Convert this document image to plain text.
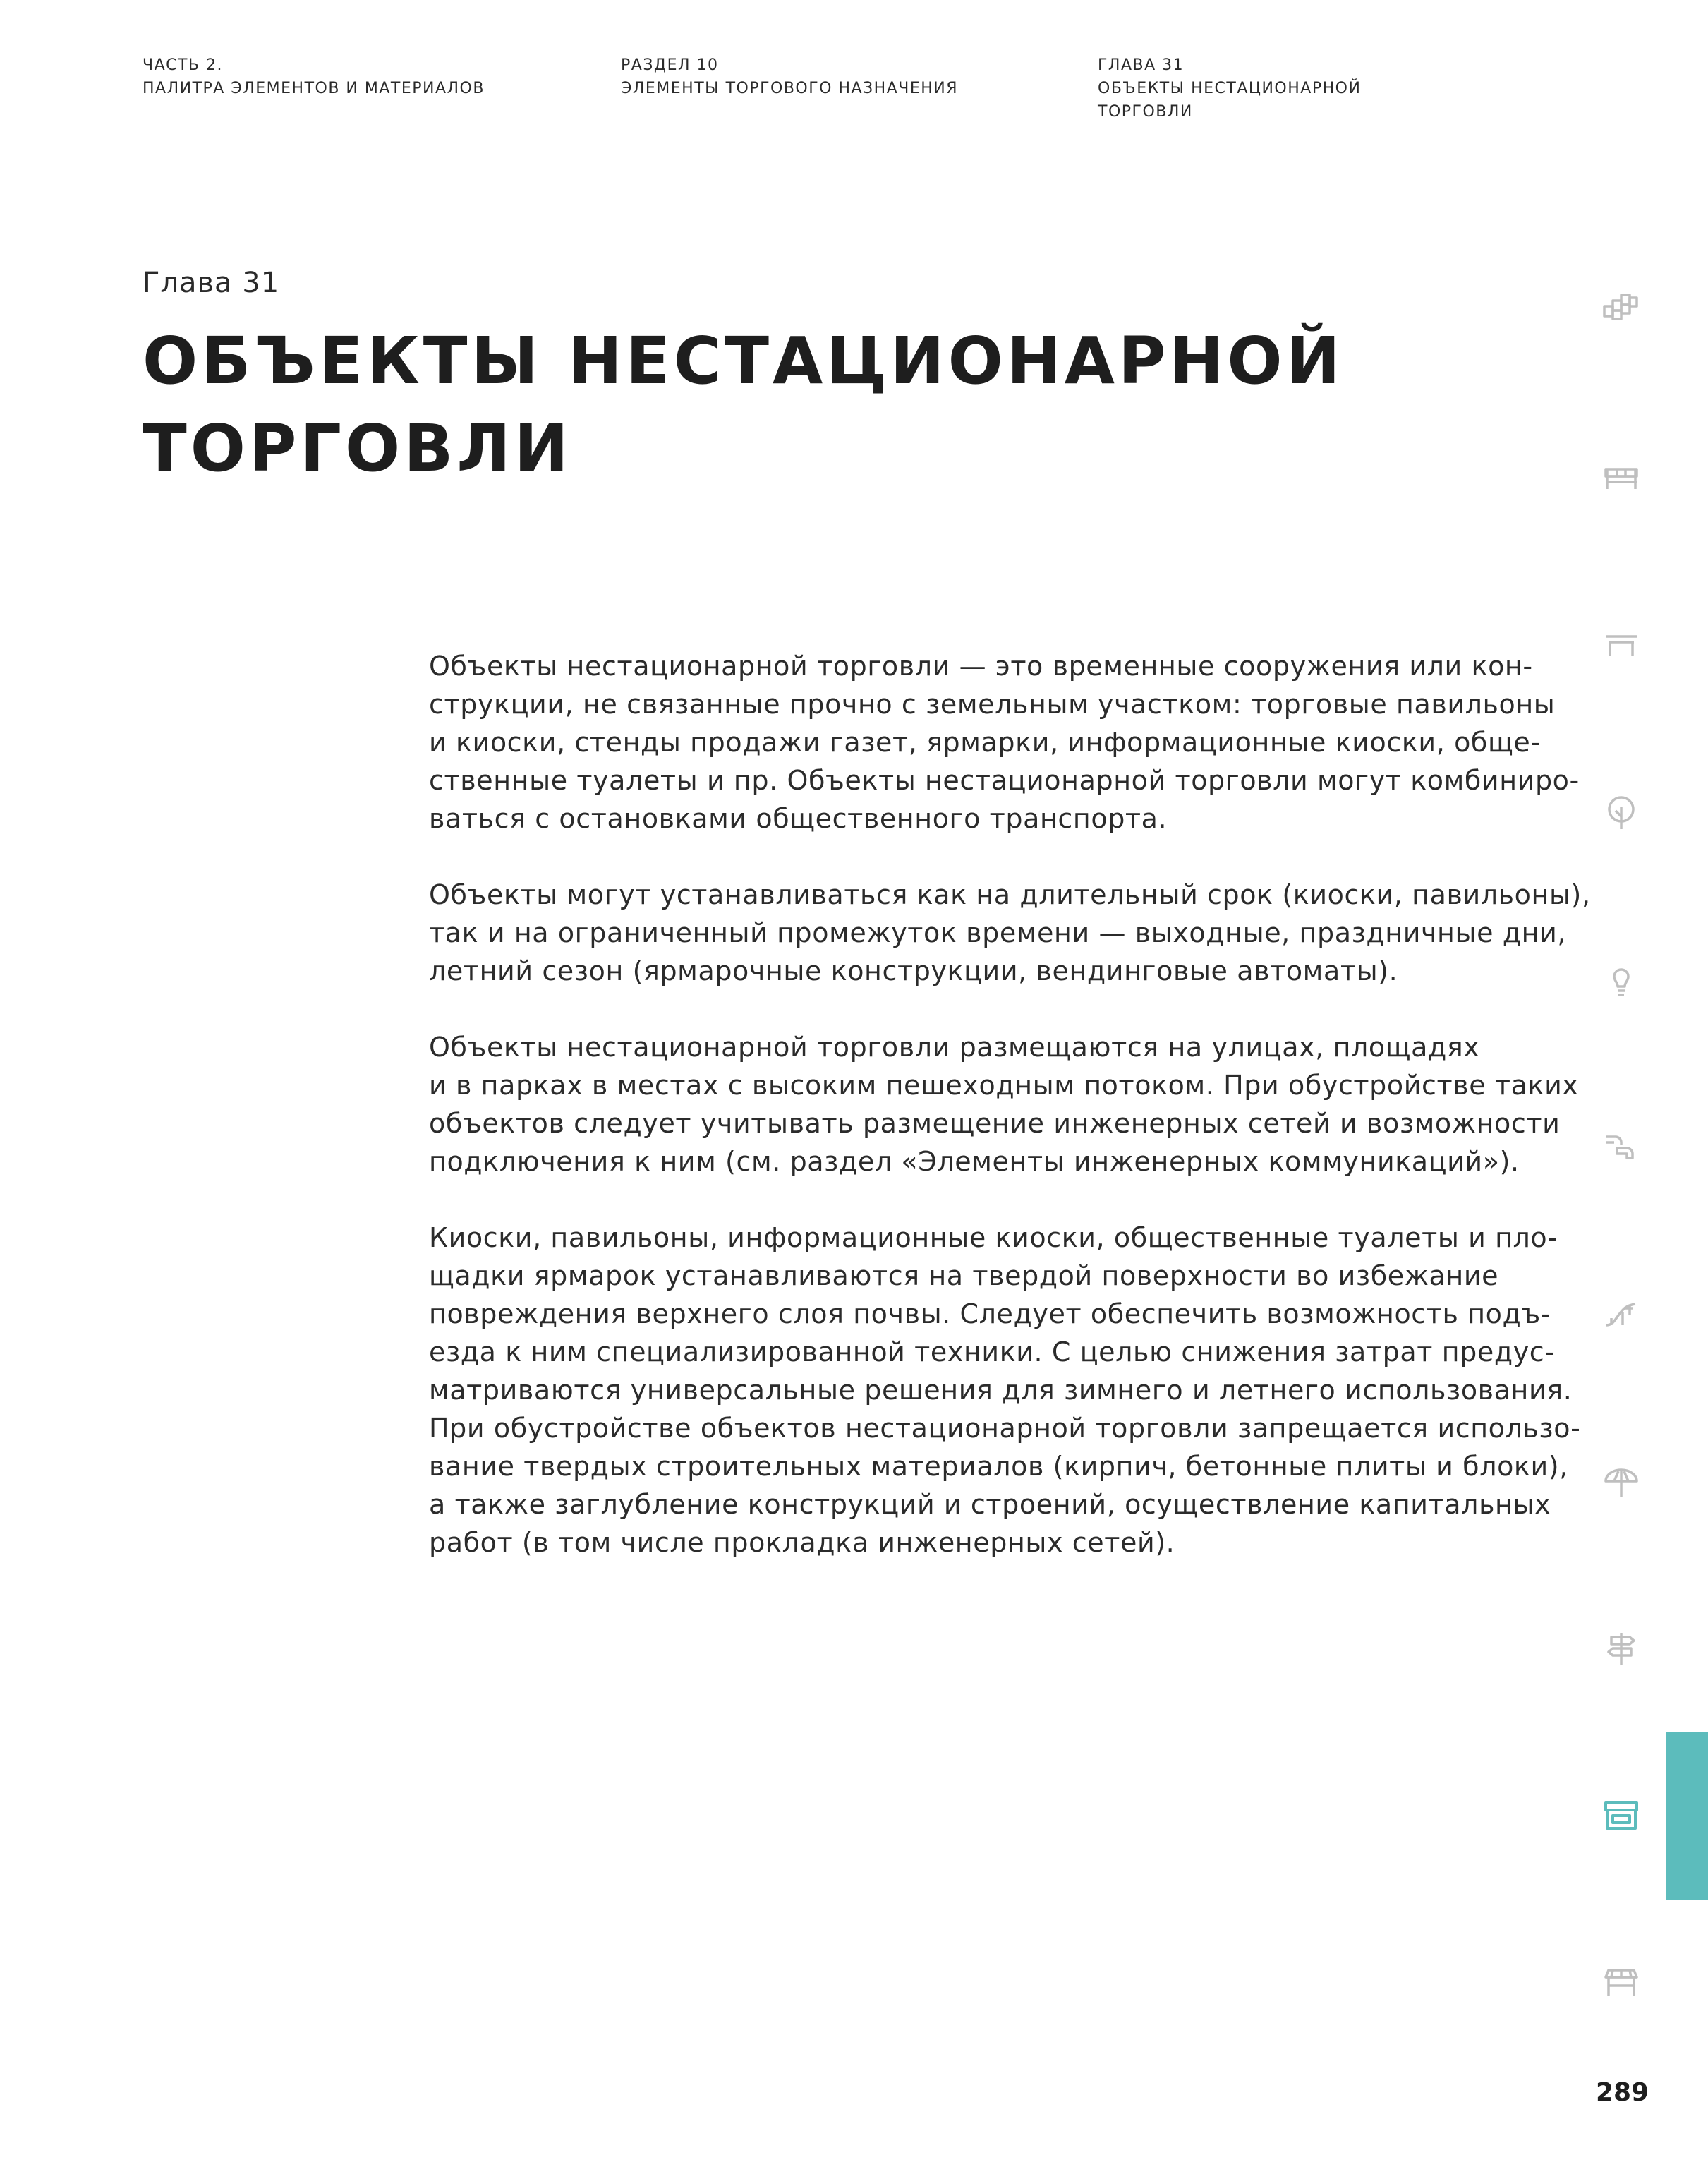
ЧАСТЬ 2.
ПАЛИТРА ЭЛЕМЕНТОВ И МАТЕРИАЛОВ
РАЗДЕЛ 10
ЭЛЕМЕНТЫ ТОРГОВОГО НАЗНАЧЕНИЯ
ГЛАВА 31
ОБЪЕКТЫ НЕСТАЦИОНАРНОЙ
ТОРГОВЛИ
Глава 31
ОБЪЕКТЫ НЕСТАЦИОНАРНОЙ
ТОРГОВЛИ
Объекты нестационарной торговли — это временные сооружения или кон-
струкции, не связанные прочно с земельным участком: торговые павильоны
и киоски, стенды продажи газет, ярмарки, информационные киоски, обще-
ственные туалеты и пр. Объекты нестационарной торговли могут комбиниро-
ваться с остановками общественного транспорта.
Объекты могут устанавливаться как на длительный срок (киоски, павильоны),
так и на ограниченный промежуток времени — выходные, праздничные дни,
летний сезон (ярмарочные конструкции, вендинговые автоматы).
Объекты нестационарной торговли размещаются на улицах, площадях
и в парках в местах с высоким пешеходным потоком. При обустройстве таких
объектов следует учитывать размещение инженерных сетей и возможности
подключения к ним (см. раздел «Элементы инженерных коммуникаций»).
Киоски, павильоны, информационные киоски, общественные туалеты и пло-
щадки ярмарок устанавливаются на твердой поверхности во избежание
повреждения верхнего слоя почвы. Следует обеспечить возможность подъ-
езда к ним специализированной техники. С целью снижения затрат предус-
матриваются универсальные решения для зимнего и летнего использования.
При обустройстве объектов нестационарной торговли запрещается использо-
вание твердых строительных материалов (кирпич, бетонные плиты и блоки),
а также заглубление конструкций и строений, осуществление капитальных
работ (в том числе прокладка инженерных сетей).
289
